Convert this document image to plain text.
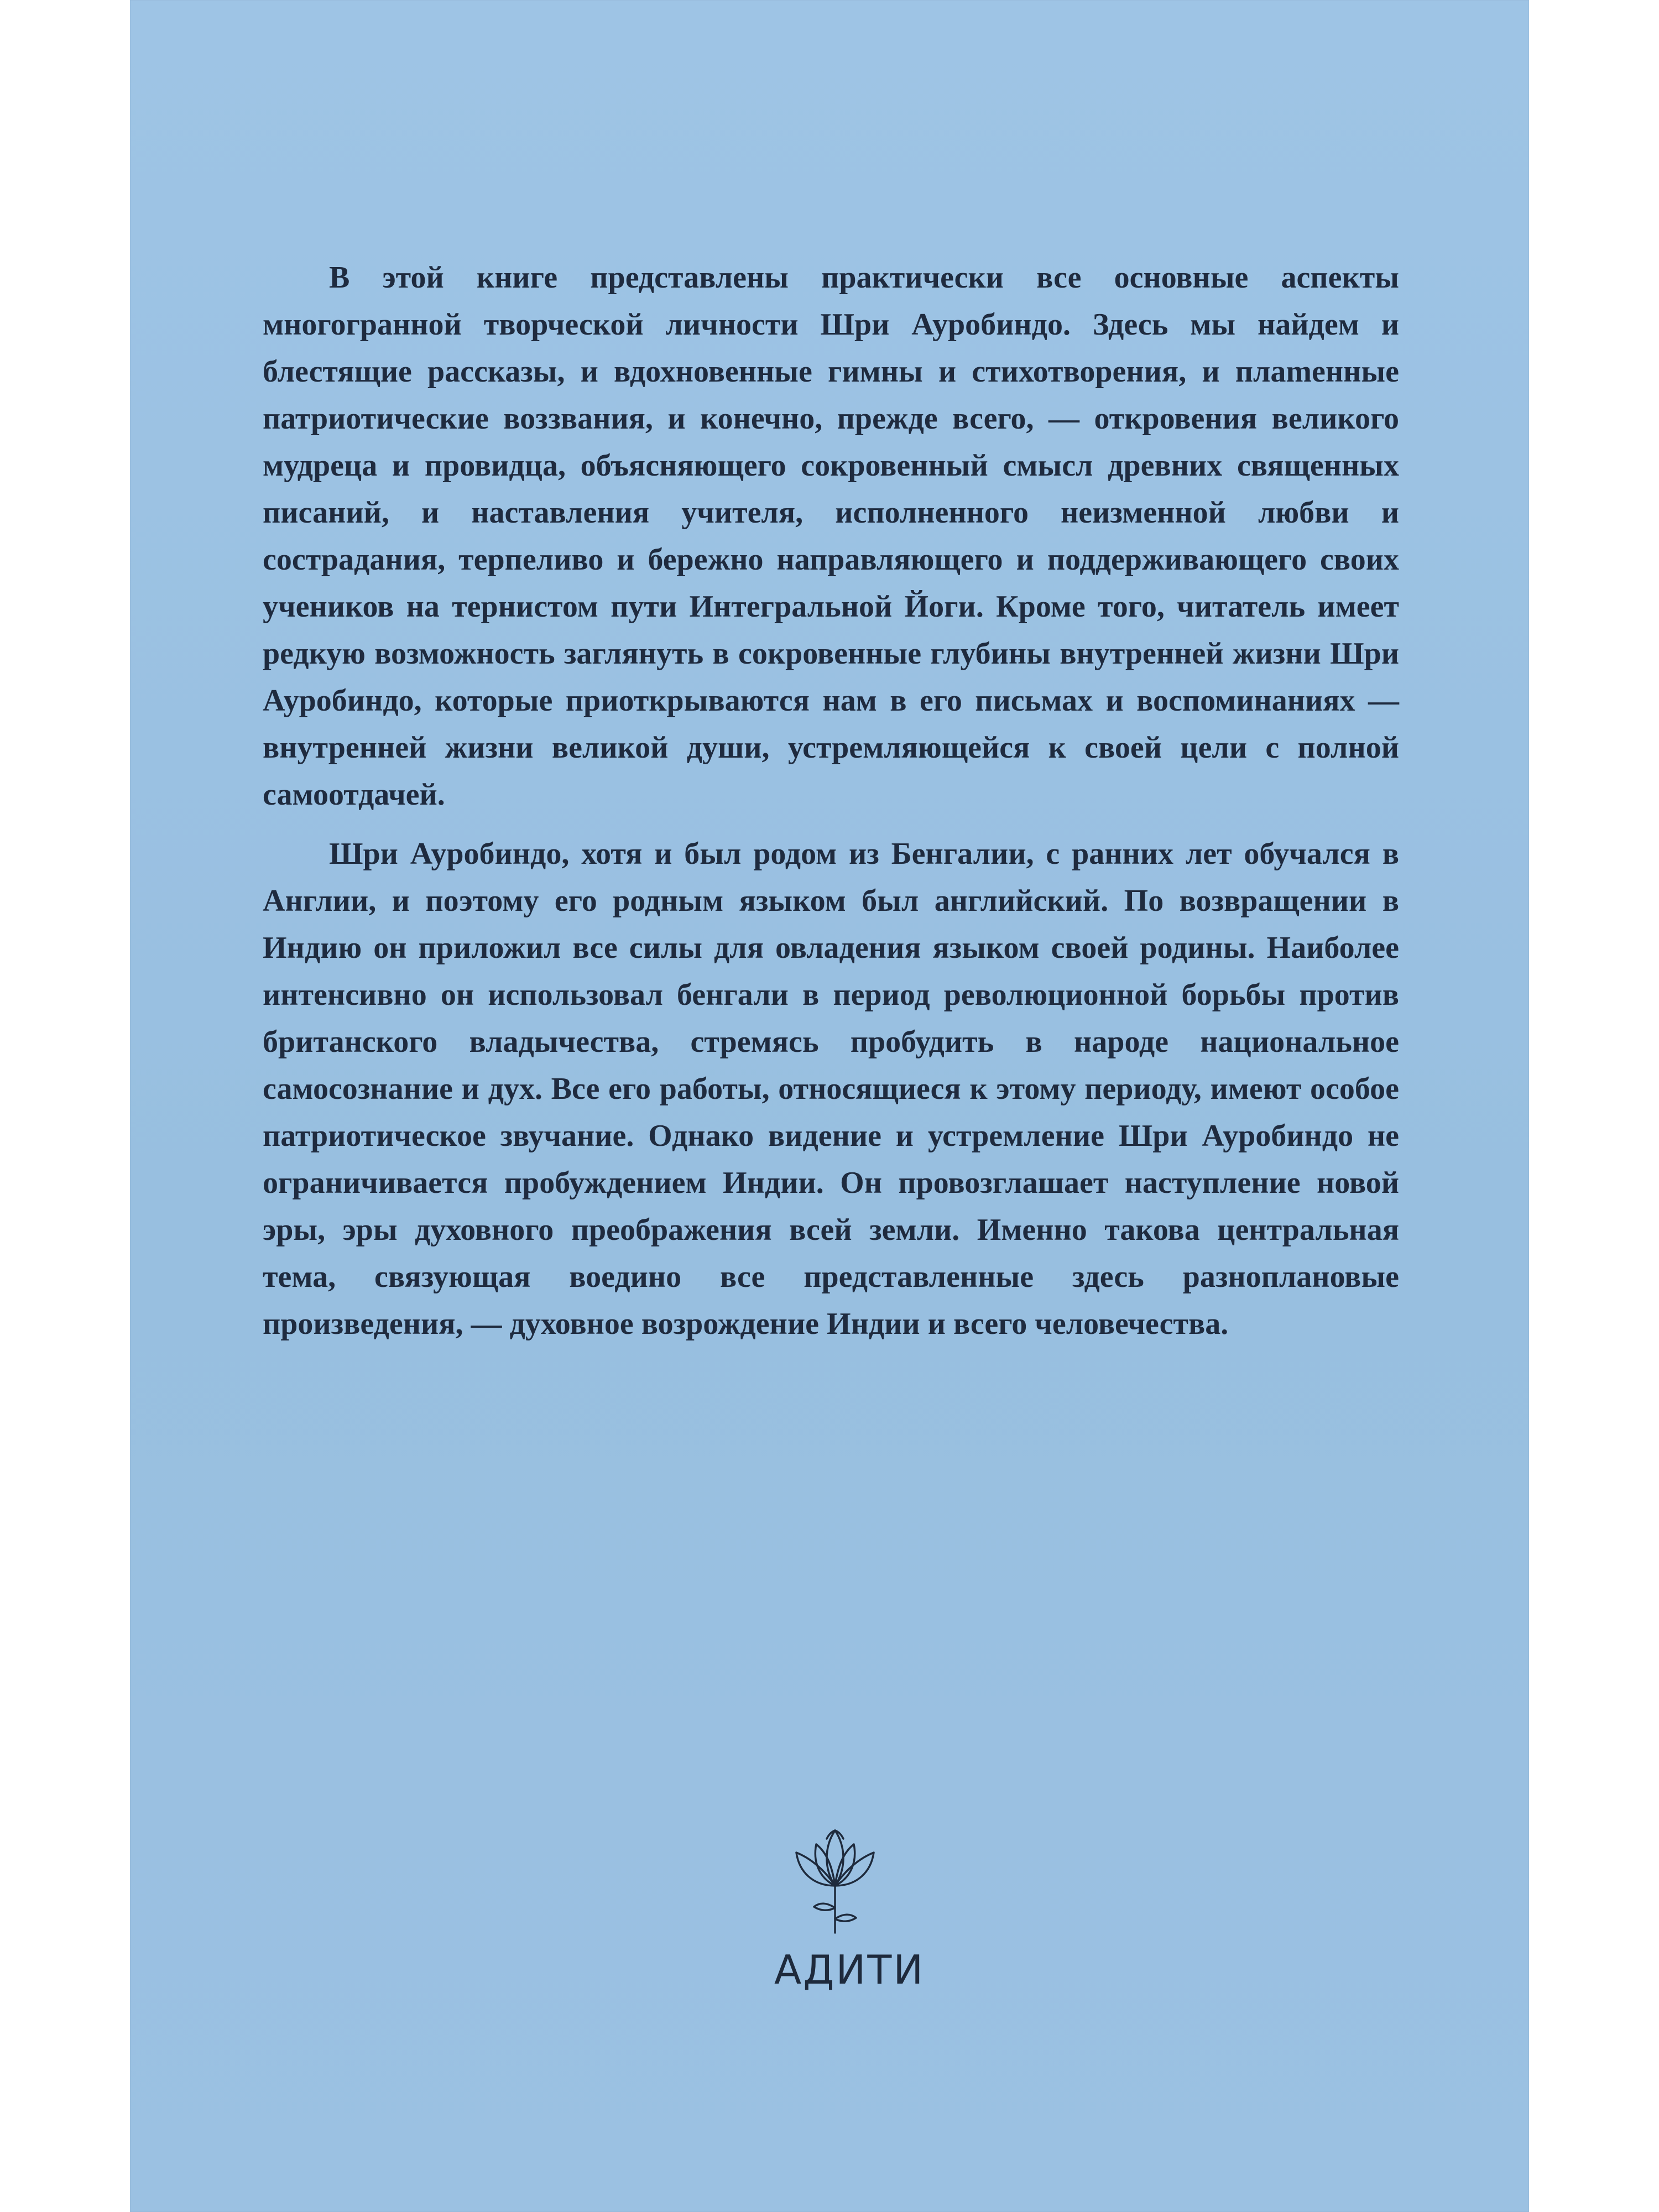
В этой книге представлены практически все основные аспекты многогранной творческой личности Шри Ауробиндо. Здесь мы найдем и блестящие рассказы, и вдохновенные гимны и стихотворения, и плаmенные патриотические воззвания, и конечно, прежде всего, — откровения великого мудреца и провидца, объясняющего сокровенный смысл древних священных писаний, и наставления учителя, исполненного неизменной любви и сострадания, терпеливо и бережно направляющего и поддерживающего своих учеников на тернистом пути Интегральной Йоги. Кроме того, читатель имеет редкую возможность заглянуть в сокровенные глубины внутренней жизни Шри Ауробиндо, которые приоткрываются нам в его письмах и воспоминаниях — внутренней жизни великой души, устремляющейся к своей цели с полной самоотдачей.

Шри Ауробиндо, хотя и был родом из Бенгалии, с ранних лет обучался в Англии, и поэтому его родным языком был английский. По возвращении в Индию он приложил все силы для овладения языком своей родины. Наиболее интенсивно он использовал бенгали в период революционной борьбы против британского владычества, стремясь пробудить в народе национальное самосознание и дух. Все его работы, относящиеся к этому периоду, имеют особое патриотическое звучание. Однако видение и устремление Шри Ауробиндо не ограничивается пробуждением Индии. Он провозглашает наступление новой эры, эры духовного преображения всей земли. Именно такова центральная тема, связующая воедино все представленные здесь разноплановые произведения, — духовное возрождение Индии и всего человечества.

АДИТИ
